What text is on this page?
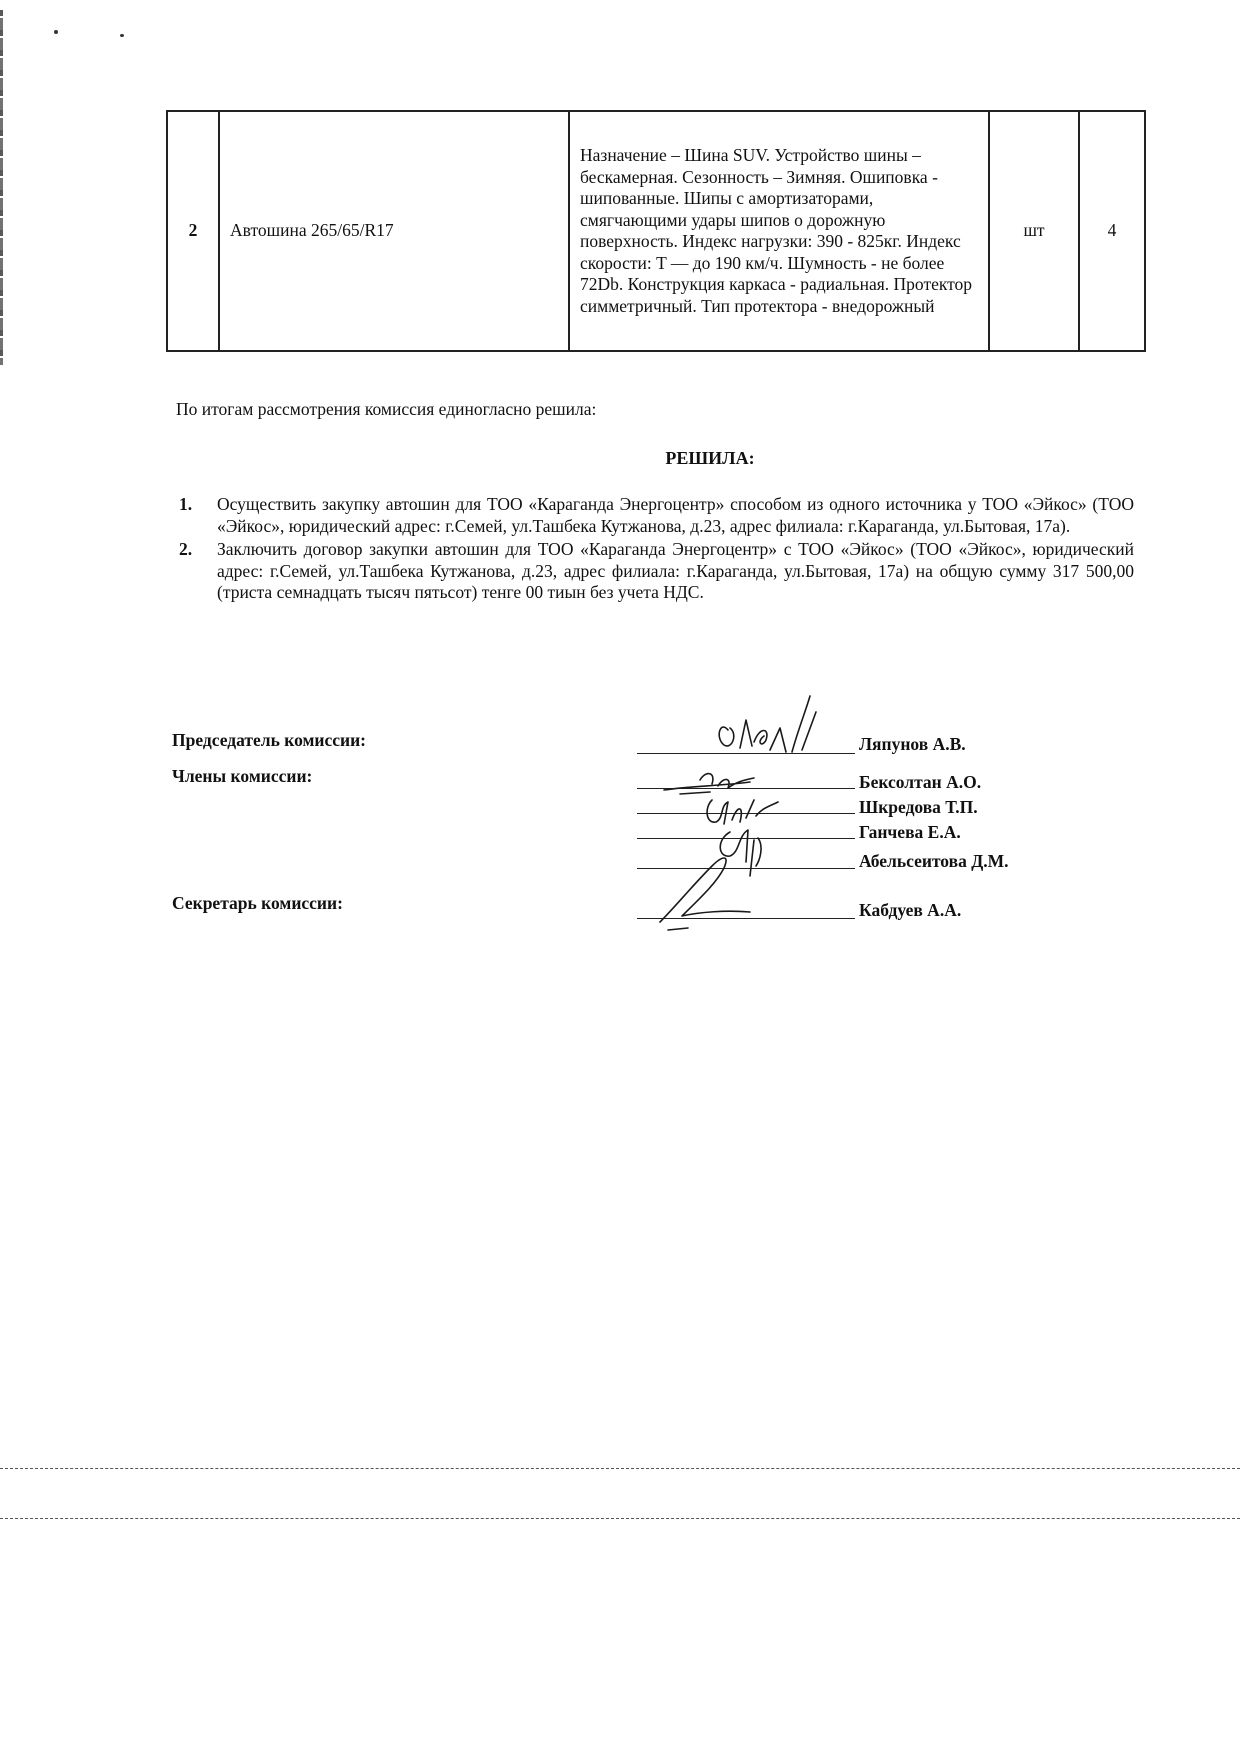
2	Автошина 265/65/R17	Назначение – Шина SUV. Устройство шины – бескамерная. Сезонность – Зимняя. Ошиповка - шипованные. Шипы с амортизаторами, смягчающими удары шипов о дорожную поверхность. Индекс нагрузки: 390 - 825кг. Индекс скорости: T — до 190 км/ч. Шумность - не более 72Db. Конструкция каркаса - радиальная. Протектор симметричный. Тип протектора - внедорожный	шт	4
По итогам рассмотрения комиссия единогласно решила:
РЕШИЛА:
1. Осуществить закупку автошин для ТОО «Караганда Энергоцентр» способом из одного источника у ТОО «Эйкос» (ТОО «Эйкос», юридический адрес: г.Семей, ул.Ташбека Кутжанова, д.23, адрес филиала: г.Караганда, ул.Бытовая, 17а).
2. Заключить договор закупки автошин для ТОО «Караганда Энергоцентр» с ТОО «Эйкос» (ТОО «Эйкос», юридический адрес: г.Семей, ул.Ташбека Кутжанова, д.23, адрес филиала: г.Караганда, ул.Бытовая, 17а) на общую сумму 317 500,00 (триста семнадцать тысяч пятьсот) тенге 00 тиын без учета НДС.
Председатель комиссии:
Члены комиссии:
Секретарь комиссии:
Ляпунов А.В.
Бексолтан А.О.
Шкредова Т.П.
Ганчева Е.А.
Абельсеитова Д.М.
Кабдуев А.А.
